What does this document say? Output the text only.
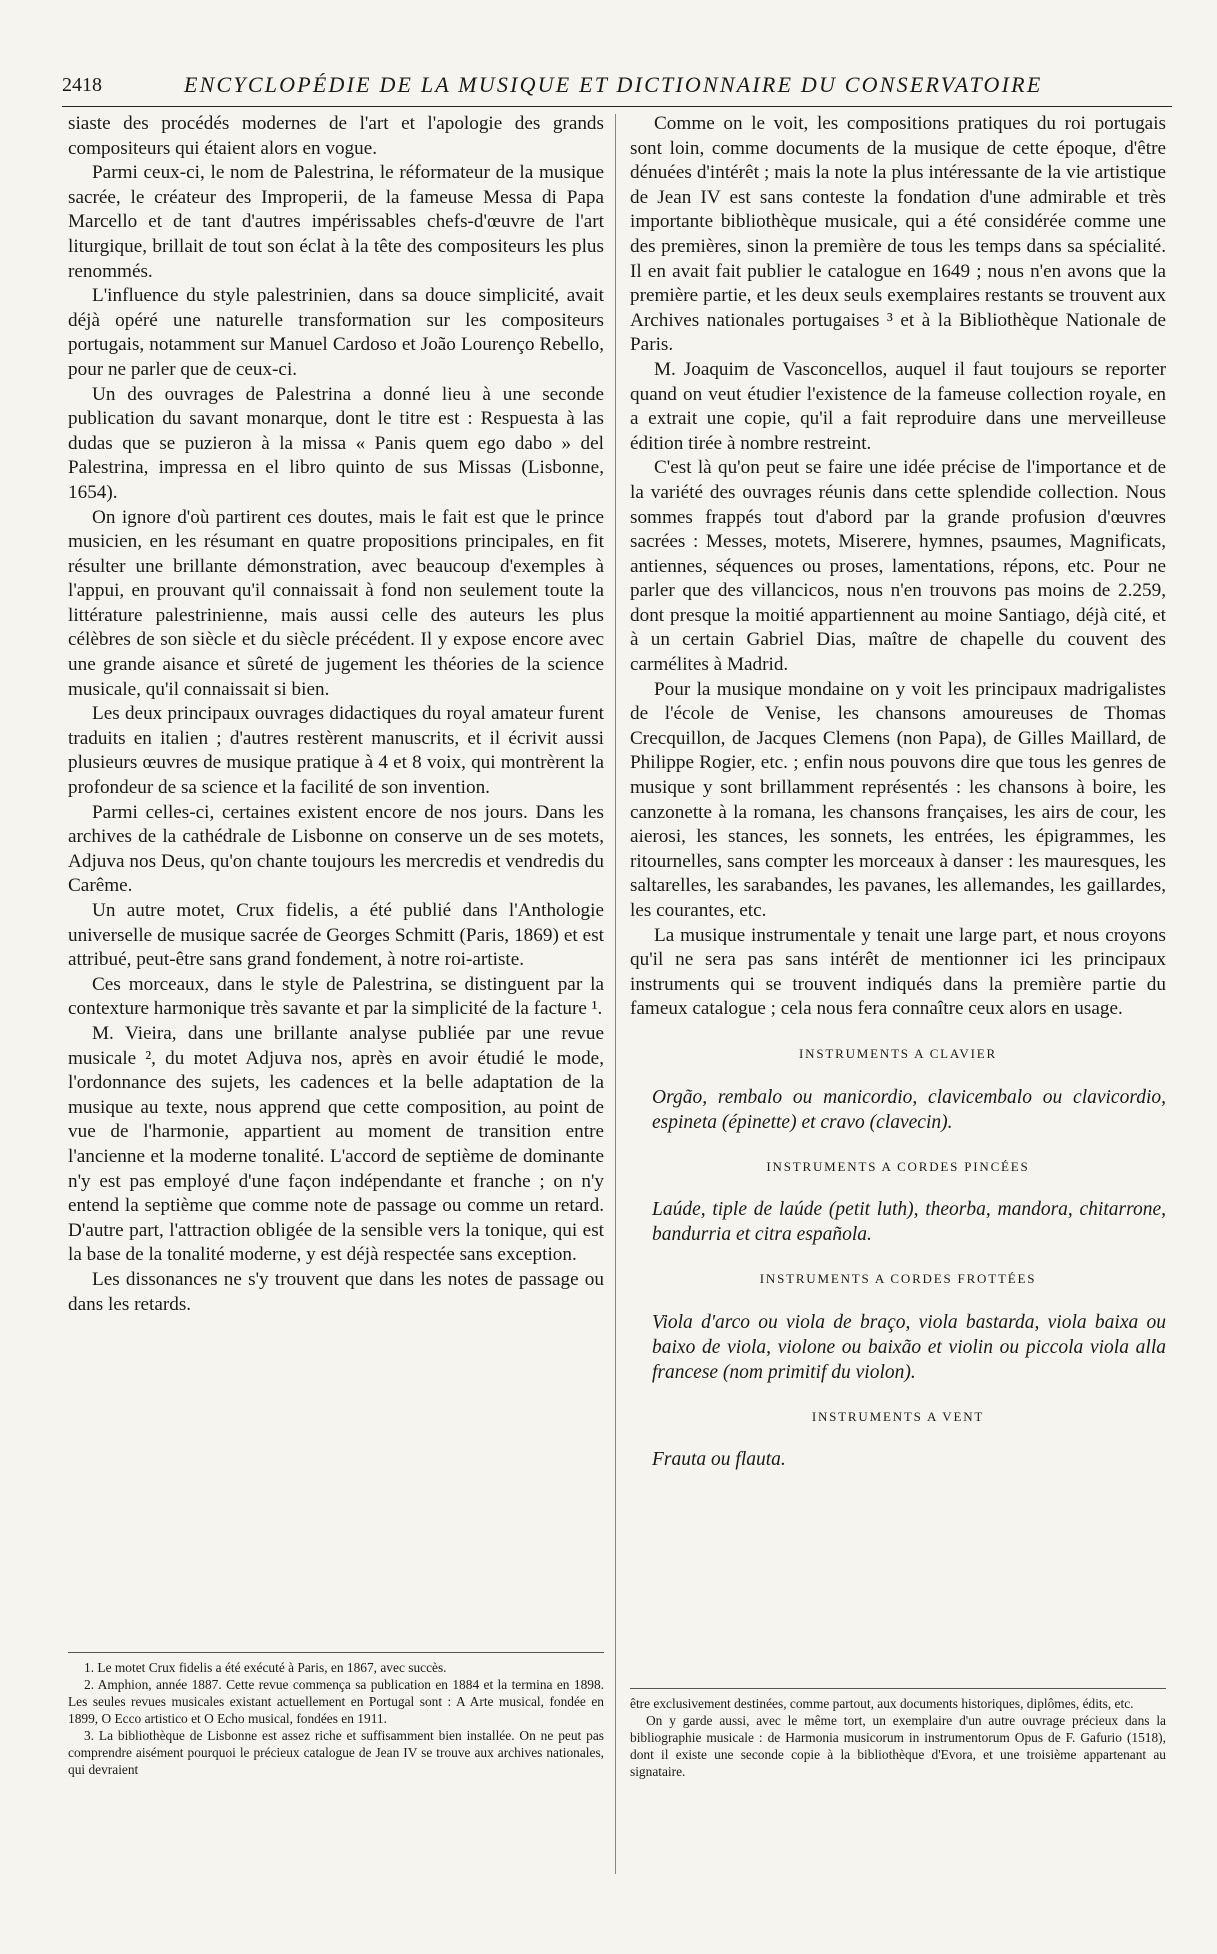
2418	ENCYCLOPÉDIE DE LA MUSIQUE ET DICTIONNAIRE DU CONSERVATOIRE

siaste des procédés modernes de l'art et l'apologie des grands compositeurs qui étaient alors en vogue.

Parmi ceux-ci, le nom de Palestrina, le réformateur de la musique sacrée, le créateur des Improperii, de la fameuse Messa di Papa Marcello et de tant d'autres impérissables chefs-d'œuvre de l'art liturgique, brillait de tout son éclat à la tête des compositeurs les plus renommés.

L'influence du style palestrinien, dans sa douce simplicité, avait déjà opéré une naturelle transformation sur les compositeurs portugais, notamment sur Manuel Cardoso et João Lourenço Rebello, pour ne parler que de ceux-ci.

Un des ouvrages de Palestrina a donné lieu à une seconde publication du savant monarque, dont le titre est : Respuesta à las dudas que se puzieron à la missa « Panis quem ego dabo » del Palestrina, impressa en el libro quinto de sus Missas (Lisbonne, 1654).

On ignore d'où partirent ces doutes, mais le fait est que le prince musicien, en les résumant en quatre propositions principales, en fit résulter une brillante démonstration, avec beaucoup d'exemples à l'appui, en prouvant qu'il connaissait à fond non seulement toute la littérature palestrinienne, mais aussi celle des auteurs les plus célèbres de son siècle et du siècle précédent. Il y expose encore avec une grande aisance et sûreté de jugement les théories de la science musicale, qu'il connaissait si bien.

Les deux principaux ouvrages didactiques du royal amateur furent traduits en italien ; d'autres restèrent manuscrits, et il écrivit aussi plusieurs œuvres de musique pratique à 4 et 8 voix, qui montrèrent la profondeur de sa science et la facilité de son invention.

Parmi celles-ci, certaines existent encore de nos jours. Dans les archives de la cathédrale de Lisbonne on conserve un de ses motets, Adjuva nos Deus, qu'on chante toujours les mercredis et vendredis du Carême.

Un autre motet, Crux fidelis, a été publié dans l'Anthologie universelle de musique sacrée de Georges Schmitt (Paris, 1869) et est attribué, peut-être sans grand fondement, à notre roi-artiste.

Ces morceaux, dans le style de Palestrina, se distinguent par la contexture harmonique très savante et par la simplicité de la facture ¹.

M. Vieira, dans une brillante analyse publiée par une revue musicale ², du motet Adjuva nos, après en avoir étudié le mode, l'ordonnance des sujets, les cadences et la belle adaptation de la musique au texte, nous apprend que cette composition, au point de vue de l'harmonie, appartient au moment de transition entre l'ancienne et la moderne tonalité. L'accord de septième de dominante n'y est pas employé d'une façon indépendante et franche ; on n'y entend la septième que comme note de passage ou comme un retard. D'autre part, l'attraction obligée de la sensible vers la tonique, qui est la base de la tonalité moderne, y est déjà respectée sans exception.

Les dissonances ne s'y trouvent que dans les notes de passage ou dans les retards.

1. Le motet Crux fidelis a été exécuté à Paris, en 1867, avec succès.

2. Amphion, année 1887. Cette revue commença sa publication en 1884 et la termina en 1898. Les seules revues musicales existant actuellement en Portugal sont : A Arte musical, fondée en 1899, O Ecco artistico et O Echo musical, fondées en 1911.

3. La bibliothèque de Lisbonne est assez riche et suffisamment bien installée. On ne peut pas comprendre aisément pourquoi le précieux catalogue de Jean IV se trouve aux archives nationales, qui devraient

Comme on le voit, les compositions pratiques du roi portugais sont loin, comme documents de la musique de cette époque, d'être dénuées d'intérêt ; mais la note la plus intéressante de la vie artistique de Jean IV est sans conteste la fondation d'une admirable et très importante bibliothèque musicale, qui a été considérée comme une des premières, sinon la première de tous les temps dans sa spécialité. Il en avait fait publier le catalogue en 1649 ; nous n'en avons que la première partie, et les deux seuls exemplaires restants se trouvent aux Archives nationales portugaises ³ et à la Bibliothèque Nationale de Paris.

M. Joaquim de Vasconcellos, auquel il faut toujours se reporter quand on veut étudier l'existence de la fameuse collection royale, en a extrait une copie, qu'il a fait reproduire dans une merveilleuse édition tirée à nombre restreint.

C'est là qu'on peut se faire une idée précise de l'importance et de la variété des ouvrages réunis dans cette splendide collection. Nous sommes frappés tout d'abord par la grande profusion d'œuvres sacrées : Messes, motets, Miserere, hymnes, psaumes, Magnificats, antiennes, séquences ou proses, lamentations, répons, etc. Pour ne parler que des villancicos, nous n'en trouvons pas moins de 2.259, dont presque la moitié appartiennent au moine Santiago, déjà cité, et à un certain Gabriel Dias, maître de chapelle du couvent des carmélites à Madrid.

Pour la musique mondaine on y voit les principaux madrigalistes de l'école de Venise, les chansons amoureuses de Thomas Crecquillon, de Jacques Clemens (non Papa), de Gilles Maillard, de Philippe Rogier, etc. ; enfin nous pouvons dire que tous les genres de musique y sont brillamment représentés : les chansons à boire, les canzonette à la romana, les chansons françaises, les airs de cour, les aierosi, les stances, les sonnets, les entrées, les épigrammes, les ritournelles, sans compter les morceaux à danser : les mauresques, les saltarelles, les sarabandes, les pavanes, les allemandes, les gaillardes, les courantes, etc.

La musique instrumentale y tenait une large part, et nous croyons qu'il ne sera pas sans intérêt de mentionner ici les principaux instruments qui se trouvent indiqués dans la première partie du fameux catalogue ; cela nous fera connaître ceux alors en usage.

INSTRUMENTS A CLAVIER

Orgão, rembalo ou manicordio, clavicembalo ou clavicordio, espineta (épinette) et cravo (clavecin).

INSTRUMENTS A CORDES PINCÉES

Laúde, tiple de laúde (petit luth), theorba, mandora, chitarrone, bandurria et citra española.

INSTRUMENTS A CORDES FROTTÉES

Viola d'arco ou viola de braço, viola bastarda, viola baixa ou baixo de viola, violone ou baixão et violin ou piccola viola alla francese (nom primitif du violon).

INSTRUMENTS A VENT

Frauta ou flauta.

être exclusivement destinées, comme partout, aux documents historiques, diplômes, édits, etc.

On y garde aussi, avec le même tort, un exemplaire d'un autre ouvrage précieux dans la bibliographie musicale : de Harmonia musicorum in instrumentorum Opus de F. Gafurio (1518), dont il existe une seconde copie à la bibliothèque d'Evora, et une troisième appartenant au signataire.
